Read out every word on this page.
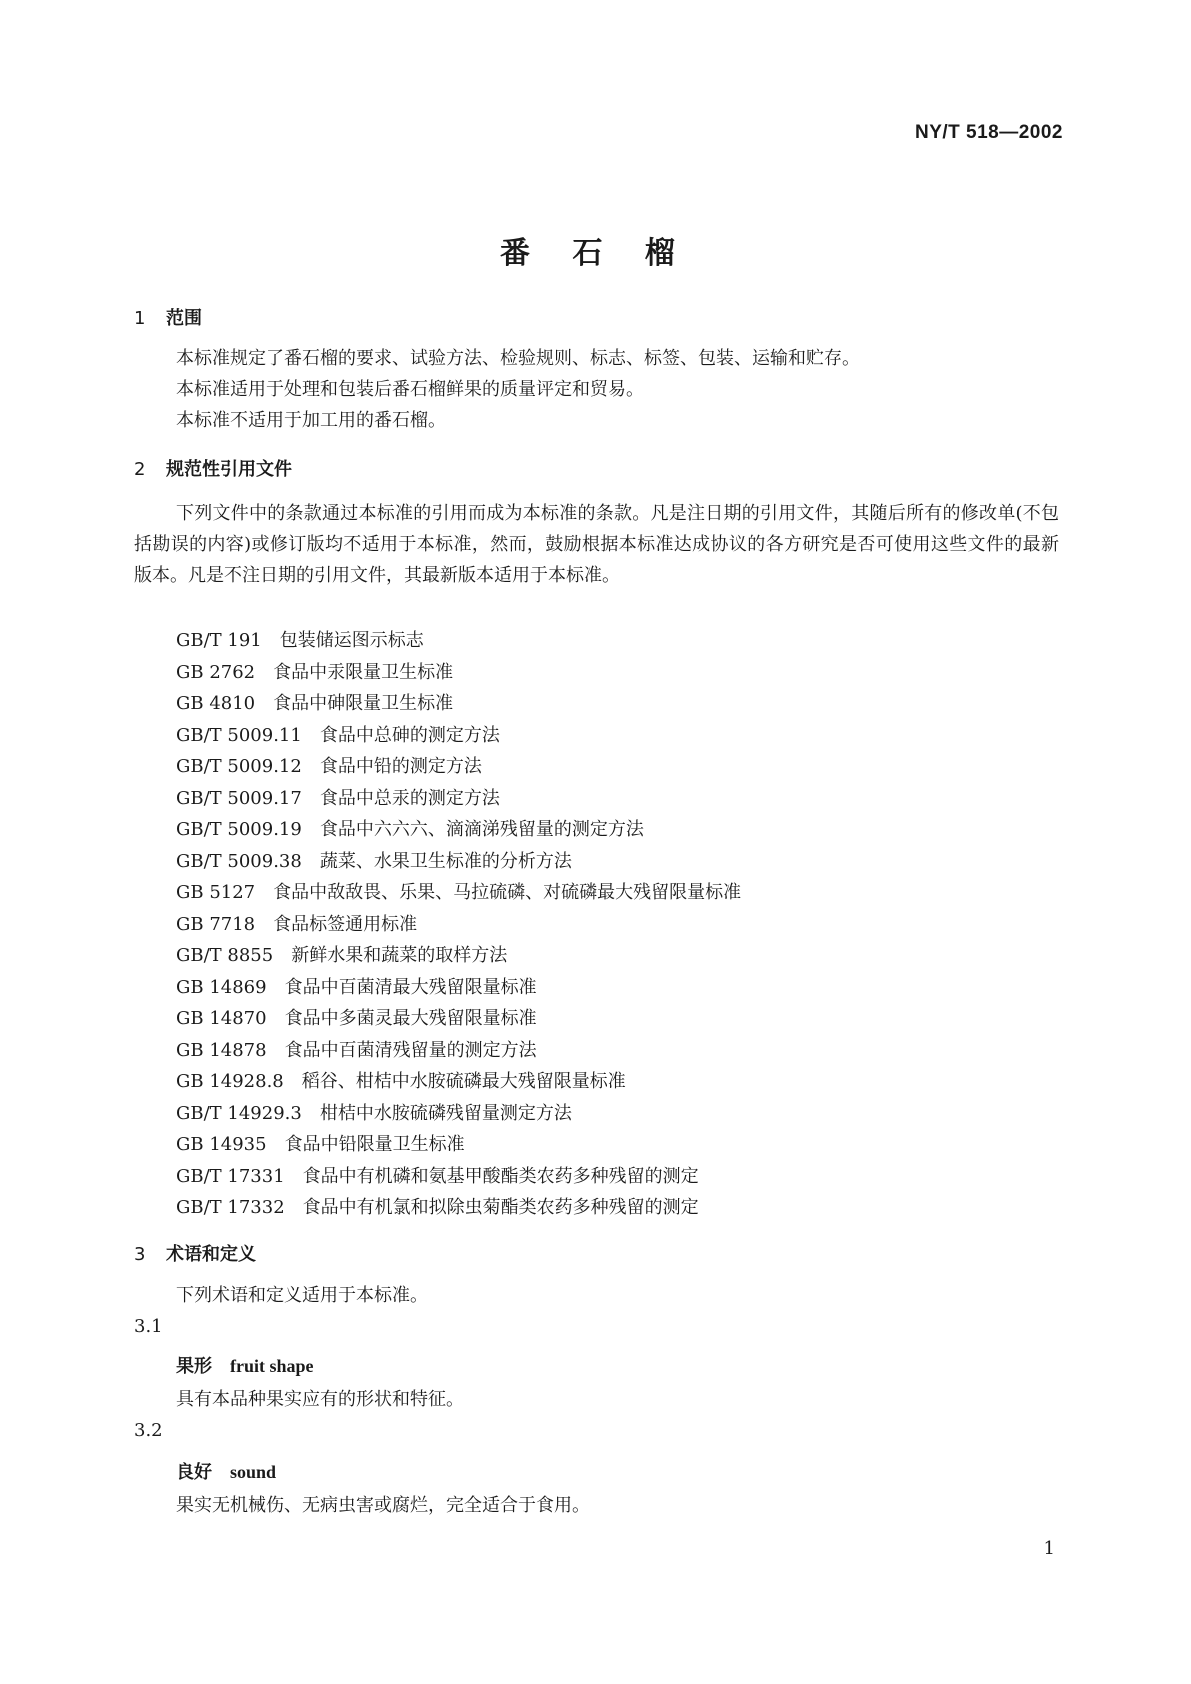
NY/T 518—2002
番 石 榴
1 范围
本标准规定了番石榴的要求、试验方法、检验规则、标志、标签、包装、运输和贮存。
本标准适用于处理和包装后番石榴鲜果的质量评定和贸易。
本标准不适用于加工用的番石榴。
2 规范性引用文件
下列文件中的条款通过本标准的引用而成为本标准的条款。凡是注日期的引用文件，其随后所有的修改单(不包括勘误的内容)或修订版均不适用于本标准，然而，鼓励根据本标准达成协议的各方研究是否可使用这些文件的最新版本。凡是不注日期的引用文件，其最新版本适用于本标准。
GB/T 191 包装储运图示标志
GB 2762 食品中汞限量卫生标准
GB 4810 食品中砷限量卫生标准
GB/T 5009.11 食品中总砷的测定方法
GB/T 5009.12 食品中铅的测定方法
GB/T 5009.17 食品中总汞的测定方法
GB/T 5009.19 食品中六六六、滴滴涕残留量的测定方法
GB/T 5009.38 蔬菜、水果卫生标准的分析方法
GB 5127 食品中敌敌畏、乐果、马拉硫磷、对硫磷最大残留限量标准
GB 7718 食品标签通用标准
GB/T 8855 新鲜水果和蔬菜的取样方法
GB 14869 食品中百菌清最大残留限量标准
GB 14870 食品中多菌灵最大残留限量标准
GB 14878 食品中百菌清残留量的测定方法
GB 14928.8 稻谷、柑桔中水胺硫磷最大残留限量标准
GB/T 14929.3 柑桔中水胺硫磷残留量测定方法
GB 14935 食品中铅限量卫生标准
GB/T 17331 食品中有机磷和氨基甲酸酯类农药多种残留的测定
GB/T 17332 食品中有机氯和拟除虫菊酯类农药多种残留的测定
3 术语和定义
下列术语和定义适用于本标准。
3.1
果形 fruit shape
具有本品种果实应有的形状和特征。
3.2
良好 sound
果实无机械伤、无病虫害或腐烂，完全适合于食用。
1
